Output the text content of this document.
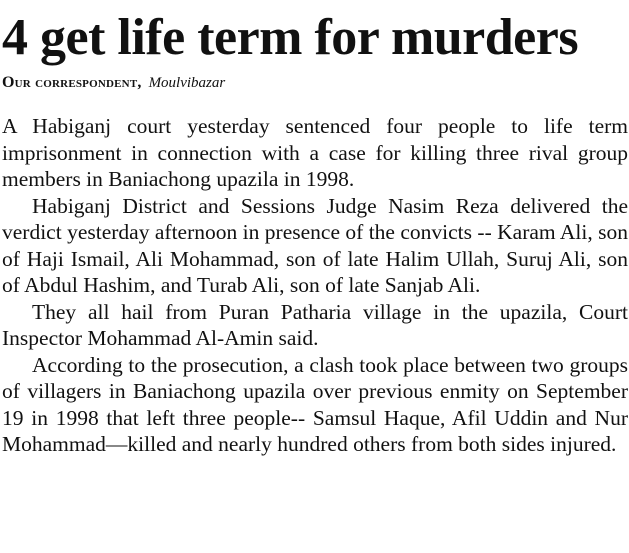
4 get life term for murders
Our correspondent, Moulvibazar

A Habiganj court yesterday sentenced four people to life term imprisonment in connection with a case for killing three rival group members in Baniachong upazila in 1998.

Habiganj District and Sessions Judge Nasim Reza delivered the verdict yesterday afternoon in presence of the convicts -- Karam Ali, son of Haji Ismail, Ali Mohammad, son of late Halim Ullah, Suruj Ali, son of Abdul Hashim, and Turab Ali, son of late Sanjab Ali.

They all hail from Puran Patharia village in the upazila, Court Inspector Mohammad Al-Amin said.

According to the prosecution, a clash took place between two groups of villagers in Baniachong upazila over previous enmity on September 19 in 1998 that left three people-- Samsul Haque, Afil Uddin and Nur Mohammad—killed and nearly hundred others from both sides injured.
